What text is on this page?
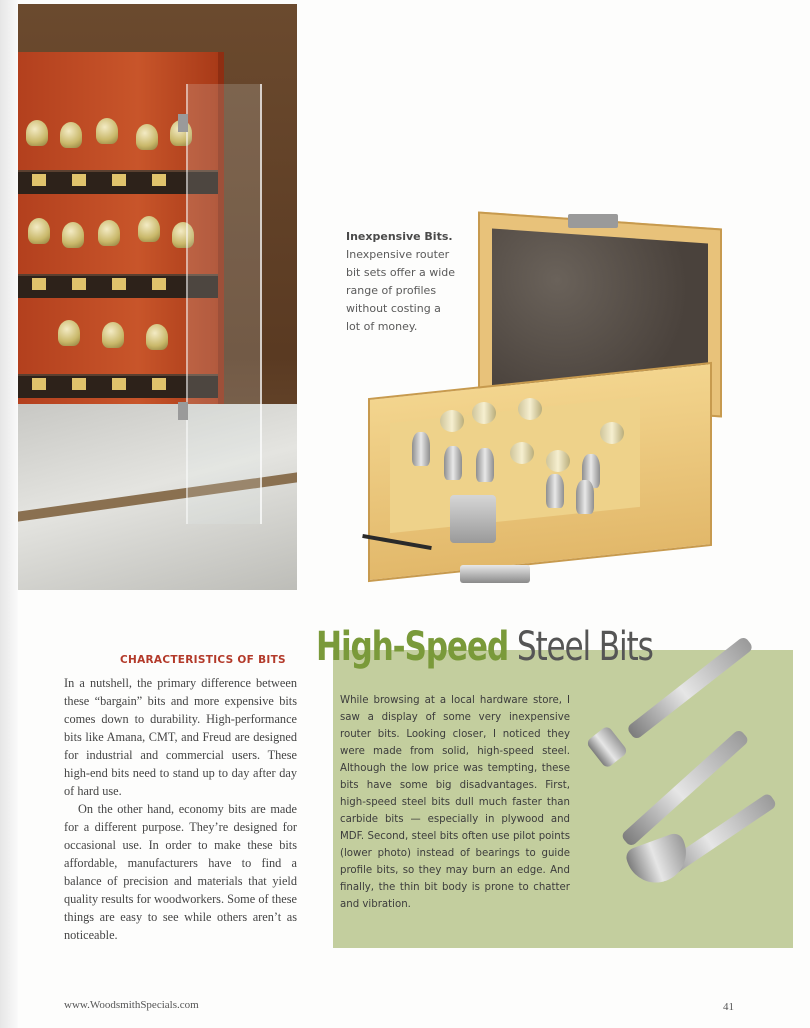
Inexpensive Bits. Inexpensive router bit sets offer a wide range of profiles without costing a lot of money.
CHARACTERISTICS OF BITS

In a nutshell, the primary difference between these “bargain” bits and more expensive bits comes down to durability. High-performance bits like Amana, CMT, and Freud are designed for industrial and commercial users. These high-end bits need to stand up to day after day of hard use.

On the other hand, economy bits are made for a different purpose. They’re designed for occasional use. In order to make these bits affordable, manufacturers have to find a balance of precision and materials that yield quality results for woodworkers. Some of these things are easy to see while others aren’t as noticeable.

High-Speed Steel Bits
While browsing at a local hardware store, I saw a display of some very inexpensive router bits. Looking closer, I noticed they were made from solid, high-speed steel. Although the low price was tempting, these bits have some big disadvantages. First, high-speed steel bits dull much faster than carbide bits — especially in plywood and MDF. Second, steel bits often use pilot points (lower photo) instead of bearings to guide profile bits, so they may burn an edge. And finally, the thin bit body is prone to chatter and vibration.
www.WoodsmithSpecials.com	41
